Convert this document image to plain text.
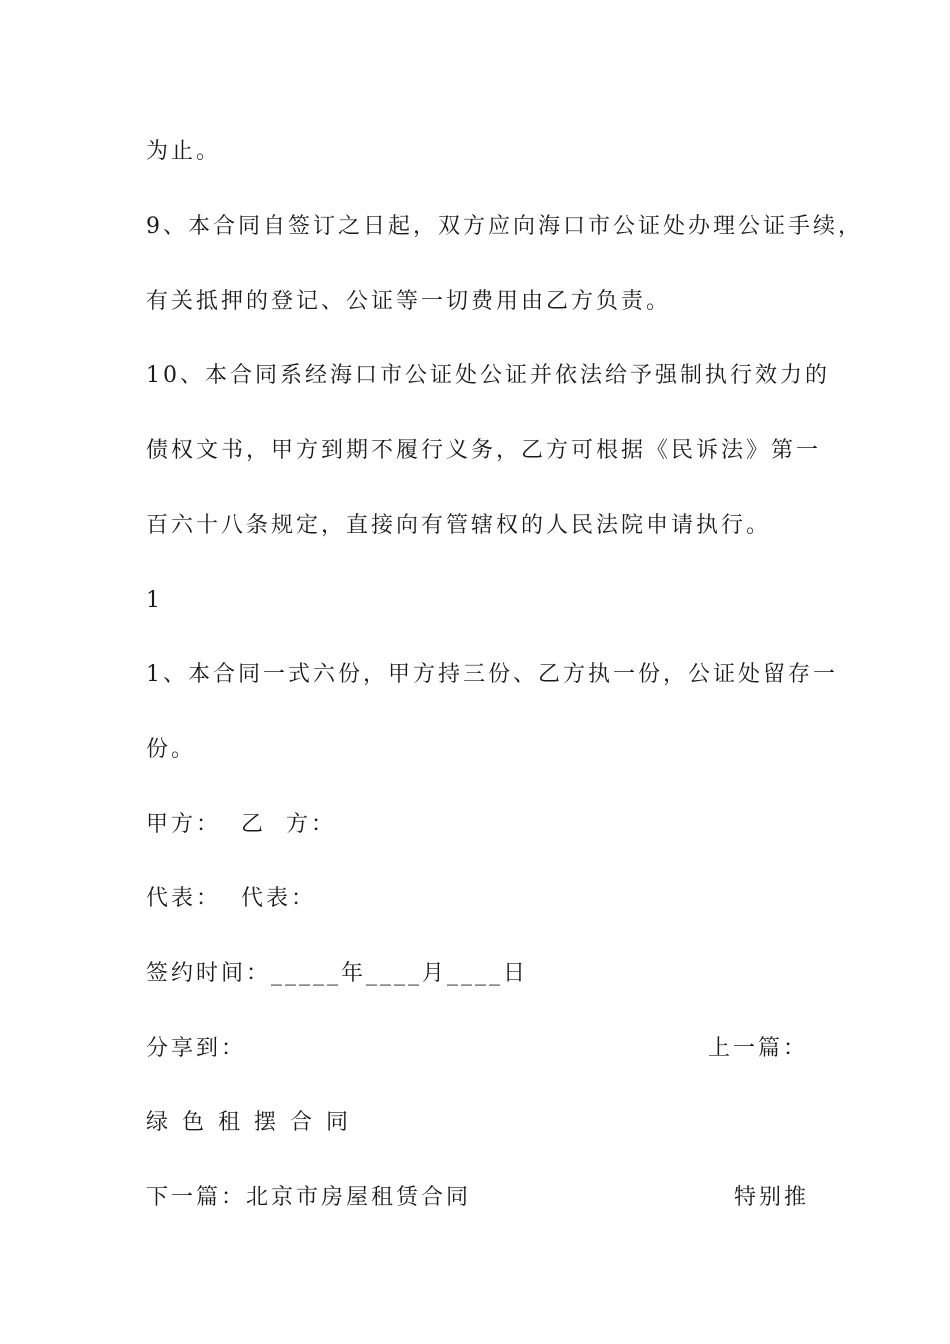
为止。
9、本合同自签订之日起，双方应向海口市公证处办理公证手续，
有关抵押的登记、公证等一切费用由乙方负责。
10、本合同系经海口市公证处公证并依法给予强制执行效力的
债权文书，甲方到期不履行义务，乙方可根据《民诉法》第一
百六十八条规定，直接向有管辖权的人民法院申请执行。
1
1、本合同一式六份，甲方持三份、乙方执一份，公证处留存一
份。
甲方：  乙  方：
代表：  代表：
签约时间：_____年____月____日
分享到：	上一篇：
绿色租摆合同
下一篇：北京市房屋租赁合同	特别推
